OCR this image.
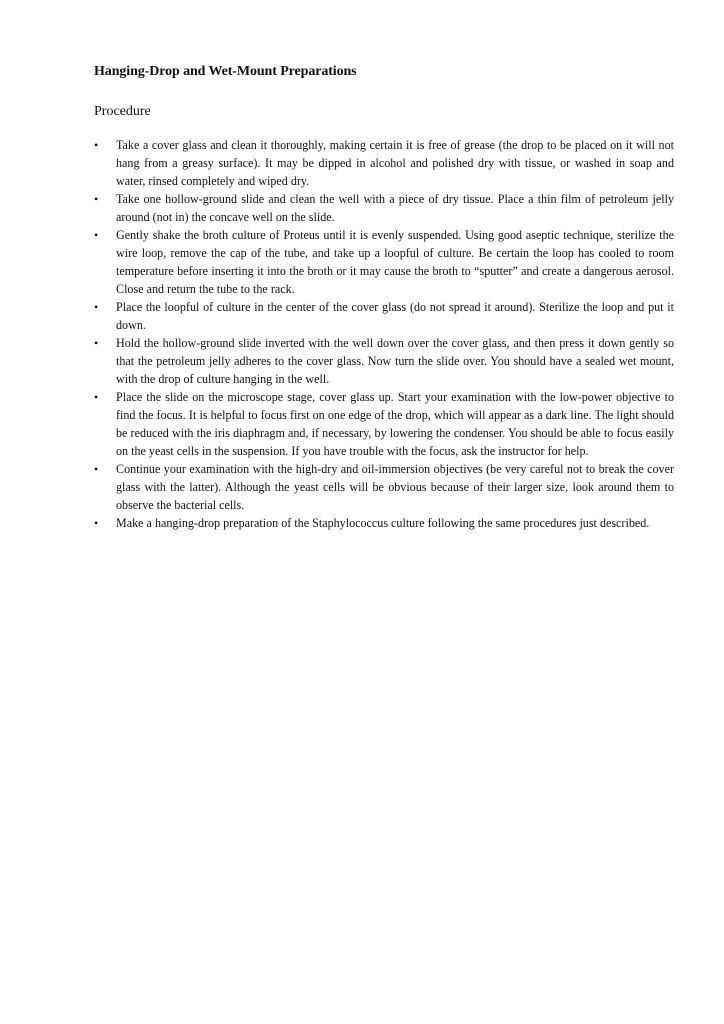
Hanging-Drop and Wet-Mount Preparations
Procedure
•	Take a cover glass and clean it thoroughly, making certain it is free of grease (the drop to be placed on it will not hang from a greasy surface). It may be dipped in alcohol and polished dry with tissue, or washed in soap and water, rinsed completely and wiped dry.
•	Take one hollow-ground slide and clean the well with a piece of dry tissue. Place a thin film of petroleum jelly around (not in) the concave well on the slide.
•	Gently shake the broth culture of Proteus until it is evenly suspended. Using good aseptic technique, sterilize the wire loop, remove the cap of the tube, and take up a loopful of culture. Be certain the loop has cooled to room temperature before inserting it into the broth or it may cause the broth to “sputter” and create a dangerous aerosol. Close and return the tube to the rack.
•	Place the loopful of culture in the center of the cover glass (do not spread it around). Sterilize the loop and put it down.
•	Hold the hollow-ground slide inverted with the well down over the cover glass, and then press it down gently so that the petroleum jelly adheres to the cover glass. Now turn the slide over. You should have a sealed wet mount, with the drop of culture hanging in the well.
•	Place the slide on the microscope stage, cover glass up. Start your examination with the low-power objective to find the focus. It is helpful to focus first on one edge of the drop, which will appear as a dark line. The light should be reduced with the iris diaphragm and, if necessary, by lowering the condenser. You should be able to focus easily on the yeast cells in the suspension. If you have trouble with the focus, ask the instructor for help.
•	Continue your examination with the high-dry and oil-immersion objectives (be very careful not to break the cover glass with the latter). Although the yeast cells will be obvious because of their larger size, look around them to observe the bacterial cells.
•	Make a hanging-drop preparation of the Staphylococcus culture following the same procedures just described.
